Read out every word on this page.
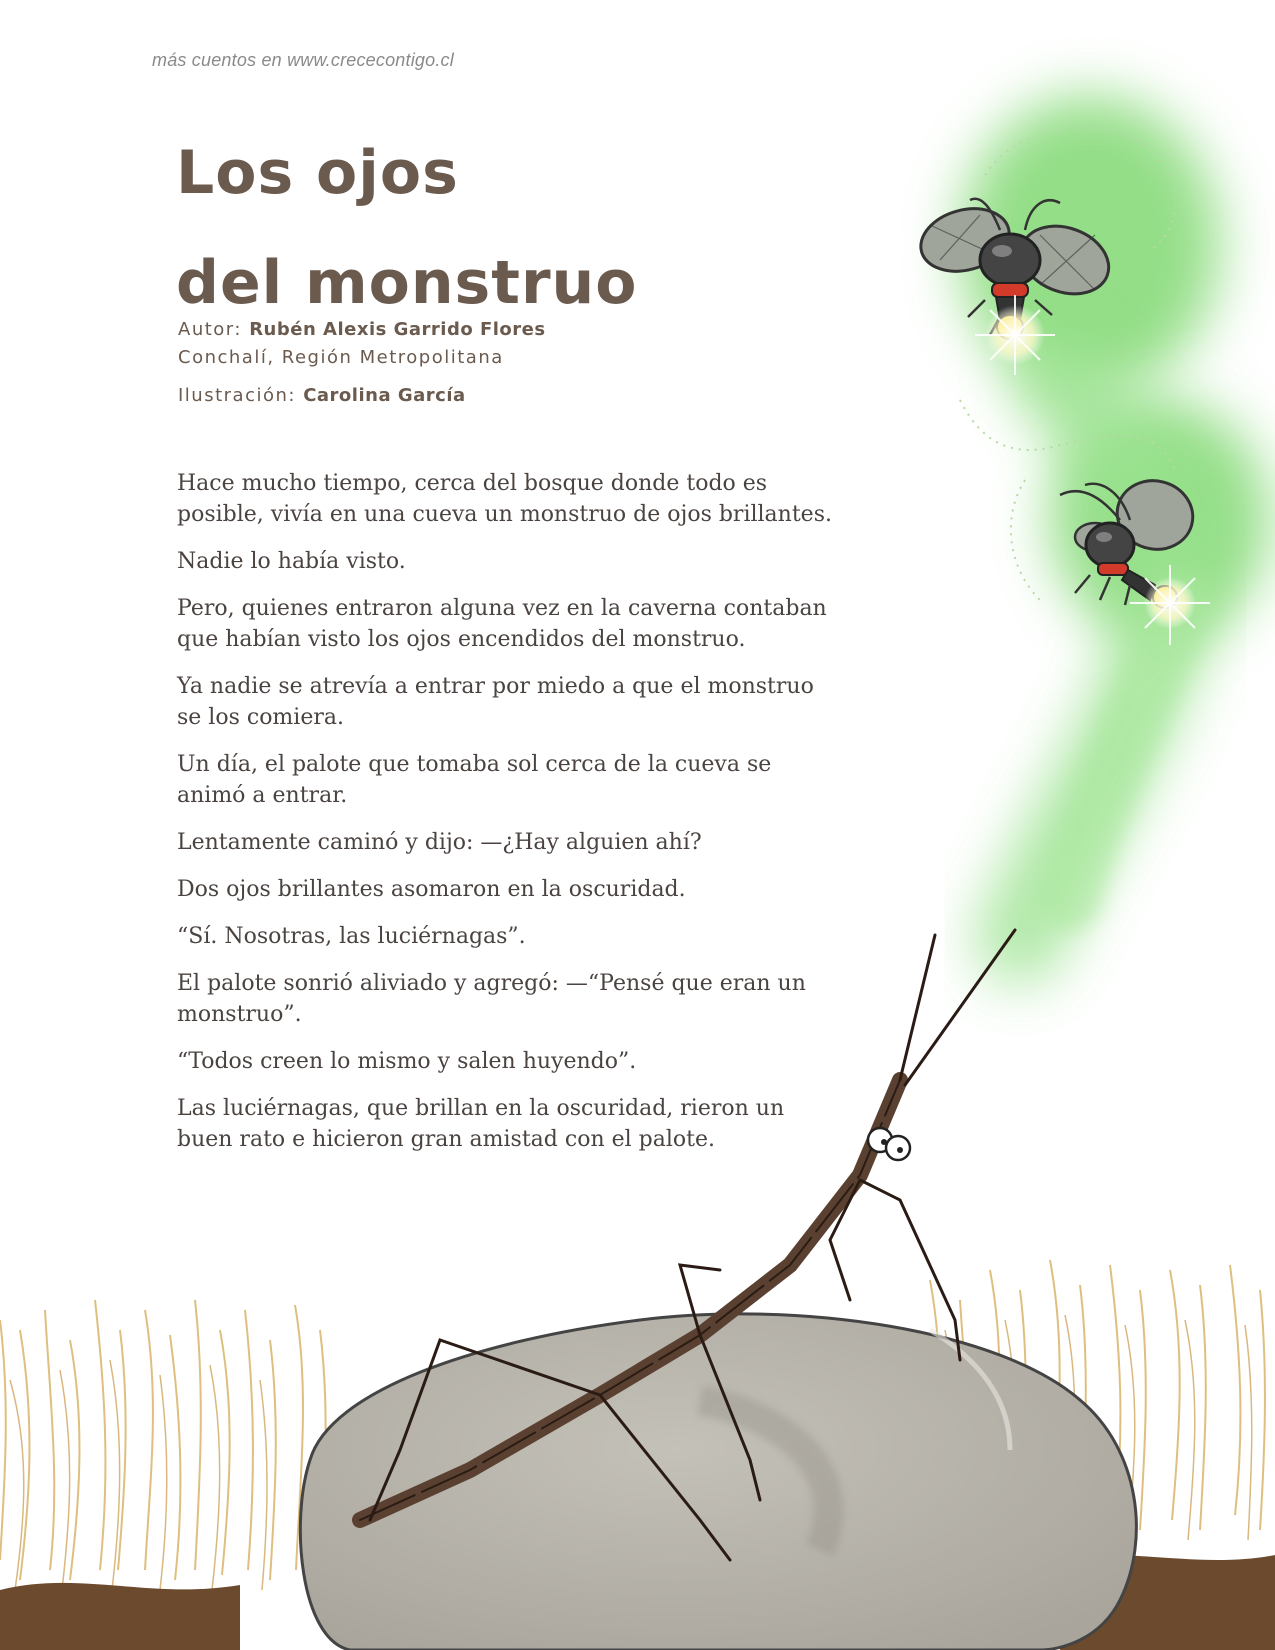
más cuentos en www.crececontigo.cl
Los ojos
del monstruo
Autor: Rubén Alexis Garrido Flores
Conchalí, Región Metropolitana
Ilustración: Carolina García

Hace mucho tiempo, cerca del bosque donde todo es posible, vivía en una cueva un monstruo de ojos brillantes.

Nadie lo había visto.

Pero, quienes entraron alguna vez en la caverna contaban que habían visto los ojos encendidos del monstruo.

Ya nadie se atrevía a entrar por miedo a que el monstruo se los comiera.

Un día, el palote que tomaba sol cerca de la cueva se animó a entrar.

Lentamente caminó y dijo: —¿Hay alguien ahí?

Dos ojos brillantes asomaron en la oscuridad.

“Sí. Nosotras, las luciérnagas”.

El palote sonrió aliviado y agregó: —“Pensé que eran un monstruo”.

“Todos creen lo mismo y salen huyendo”.

Las luciérnagas, que brillan en la oscuridad, rieron un buen rato e hicieron gran amistad con el palote.
